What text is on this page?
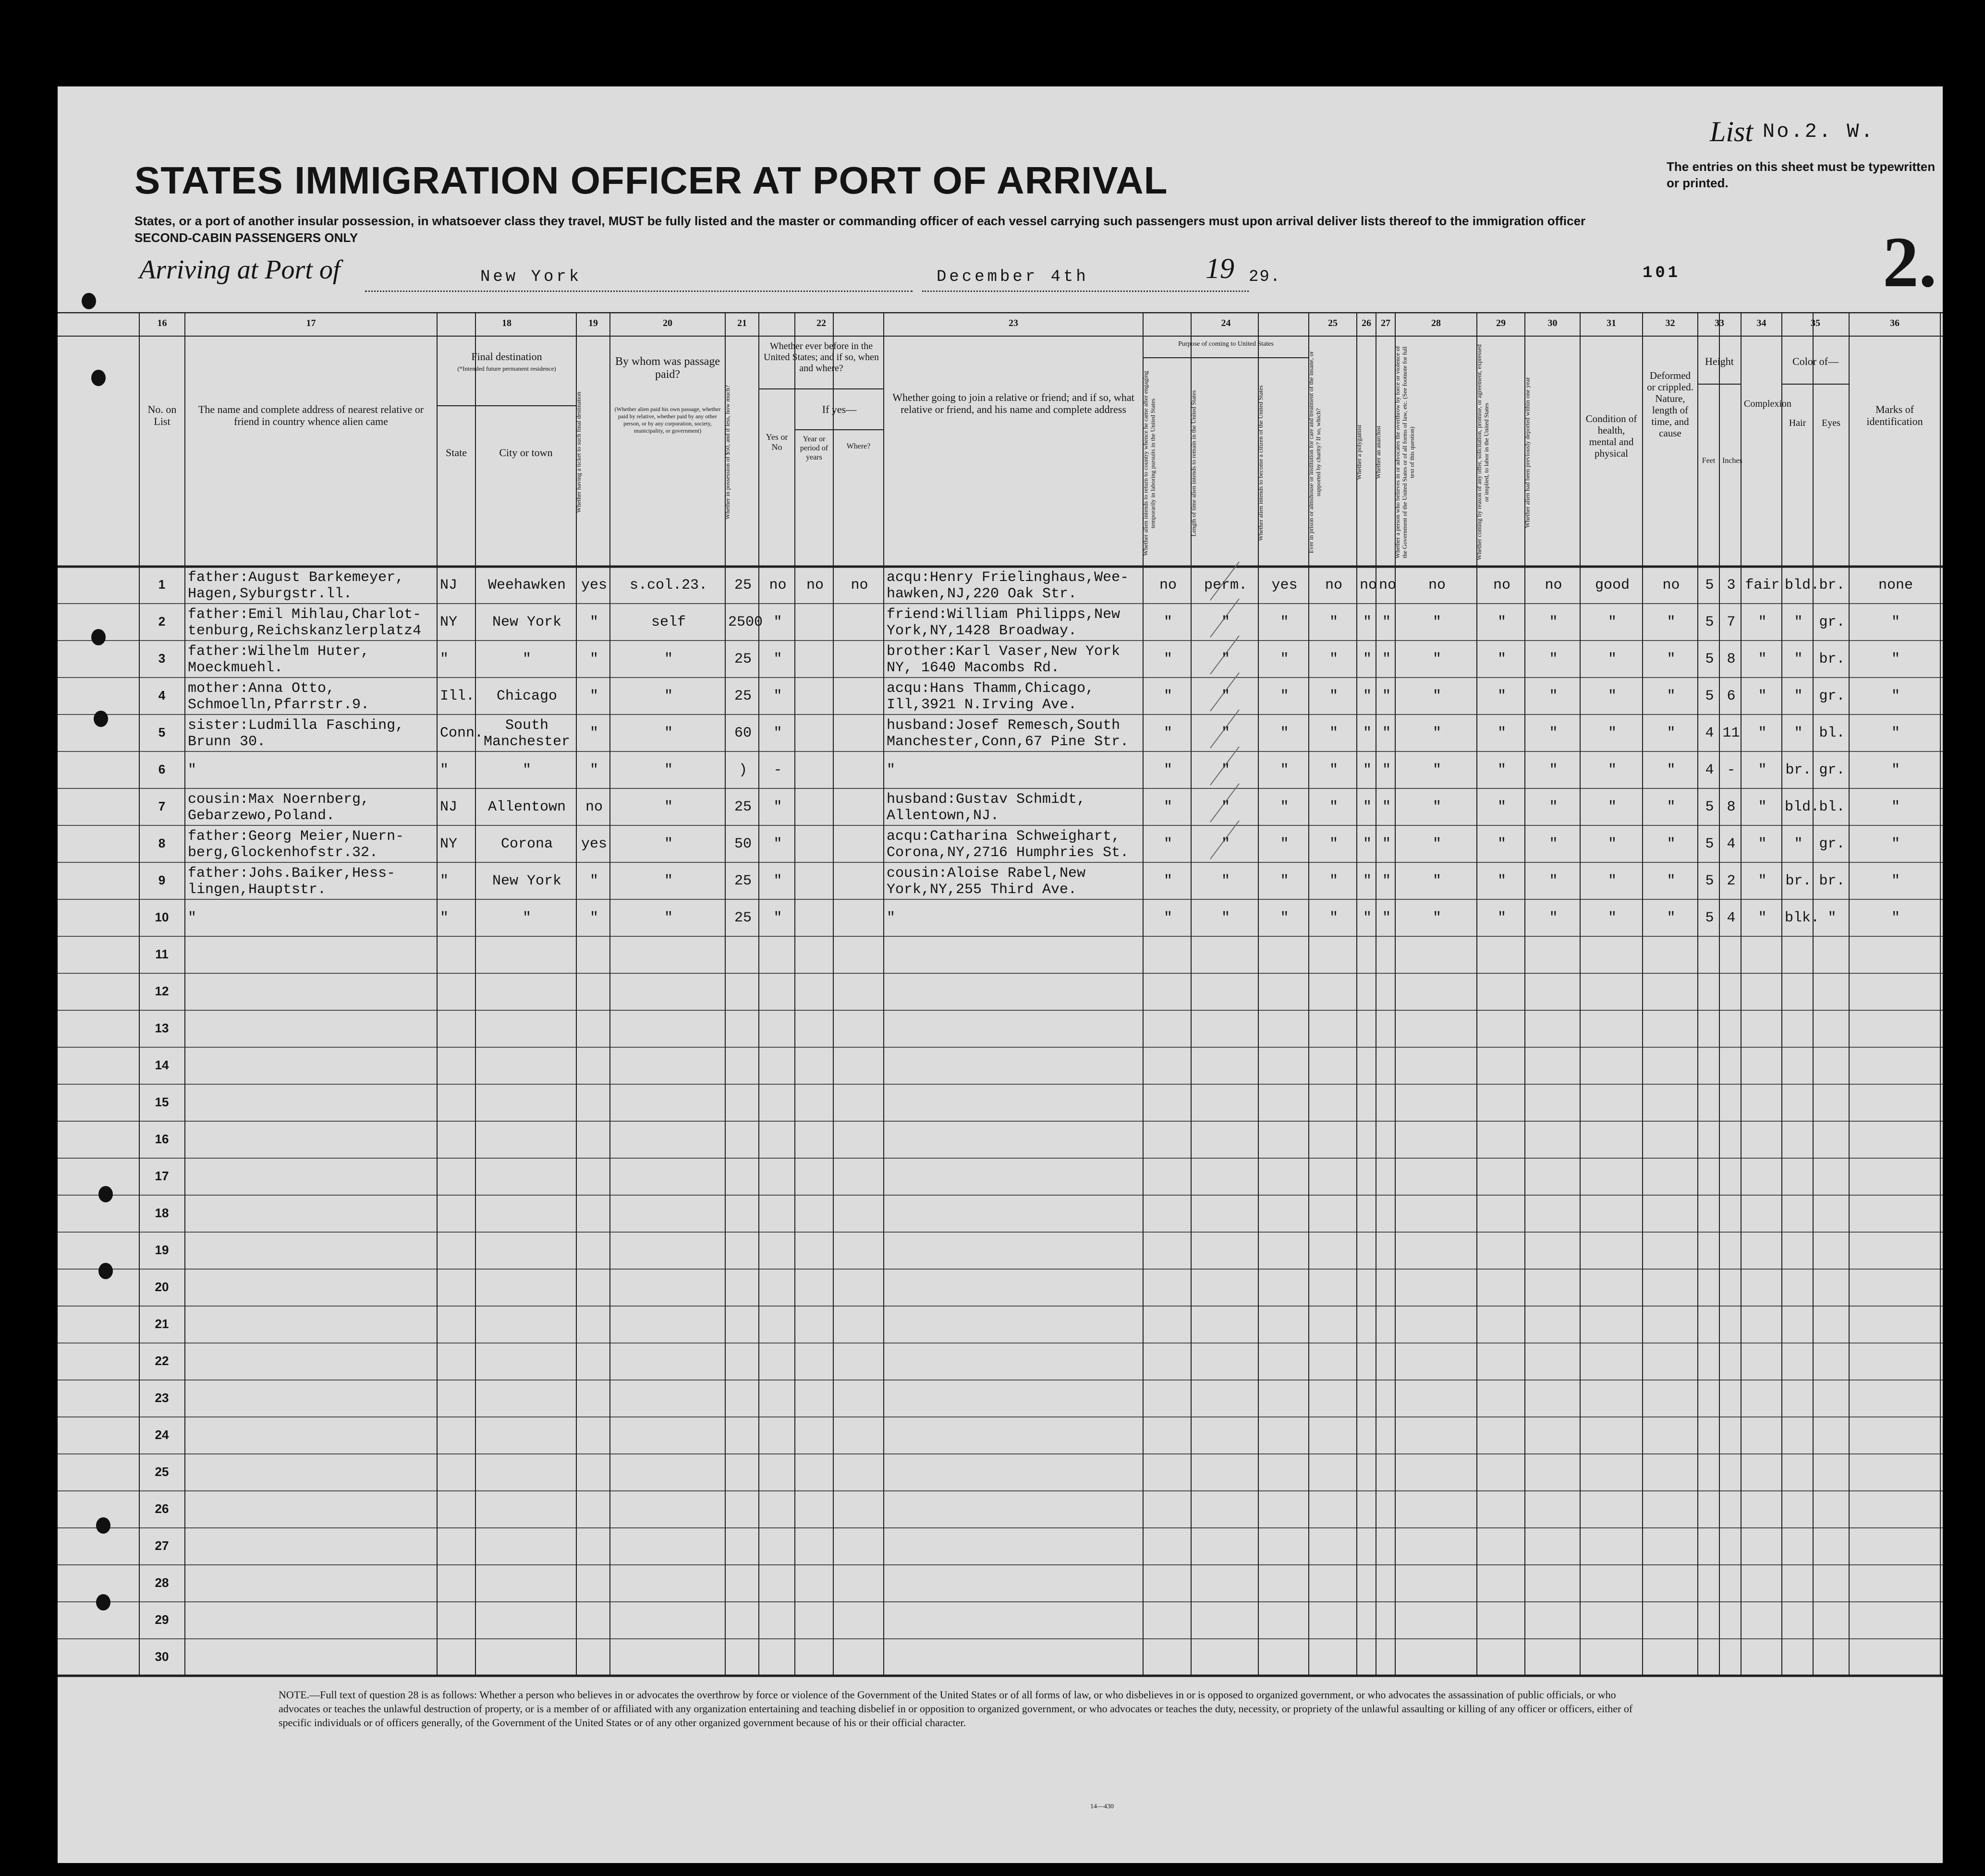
List No.2. W.
The entries on this sheet must be typewritten or printed.
STATES IMMIGRATION OFFICER AT PORT OF ARRIVAL
States, or a port of another insular possession, in whatsoever class they travel, MUST be fully listed and the master or commanding officer of each vessel carrying such passengers must upon arrival deliver lists thereof to the immigration officer
SECOND-CABIN PASSENGERS ONLY
Arriving at Port of	New York	December 4th	19 29.	101	2.
16	17	18	19	20	21	22	23	24	25	26	27	28	29	30	31	32	33	34	35	36
No. on List
The name and complete address of nearest relative or friend in country whence alien came
Final destination
(*Intended future permanent residence)
State	City or town	Whether having a ticket to such final destination
By whom was passage paid?
(Whether alien paid his own passage, whether paid by relative, whether paid by any other person, or by any corporation, society, municipality, or government)	Whether in possession of $50, and if less, how much?
Whether ever before in the United States; and if so, when and where?
Yes or No
If yes—
Year or period of years
Where?
Whether going to join a relative or friend; and if so, what relative or friend, and his name and complete address
Purpose of coming to United States
Whether alien intends to return to country whence he came after engaging temporarily in laboring pursuits in the United States	Length of time alien intends to remain in the United States	Whether alien intends to become a citizen of the United States	Ever in prison or almshouse or institution for care and treatment of the insane, or supported by charity? If so, which?	Whether a polygamist	Whether an anarchist	Whether a person who believes in or advocates the overthrow by force or violence of the Government of the United States or of all forms of law, etc. (See footnote for full text of this question)	Whether coming by reason of any offer, solicitation, promise, or agreement, expressed or implied, to labor in the United States	Whether alien had been previously deported within one year	Condition of health, mental and physical
Deformed or crippled. Nature, length of time, and cause
Height
Feet Inches
Complexion
Color of—
Hair	Eyes
Marks of identification
1
2
3
4
5
6
7
8
9
10
11
12
13
14
15
16
17
18
19
20
21
22
23
24
25
26
27
28
29
30
father:August Barkemeyer,
Hagen,Syburgstr.ll.
NJ	Weehawken	yes	s.col.23.	25	no	no	no	acqu:Henry Frielinghaus,Wee-
hawken,NJ,220 Oak Str.
no	perm.	yes	no	no no	no	no	no	good	no	5 3 fair bld. br.	none
father:Emil Mihlau,Charlot-
tenburg,Reichskanzlerplatz4
NY	New York	"	self	2500 "	friend:William Philipps,New
York,NY,1428 Broadway.
"	"	"	"	" "	"	"	"	"	"	5 7	"	"	gr.	"
father:Wilhelm Huter,
Moeckmuehl.
"	"	"	"	25	"	brother:Karl Vaser,New York
NY, 1640 Macombs Rd.
"	"	"	"	" "	"	"	"	"	"	5 8	"	"	br.	"
mother:Anna Otto,
Schmoelln,Pfarrstr.9.
Ill.	Chicago	"	"	25	"	acqu:Hans Thamm,Chicago,
Ill,3921 N.Irving Ave.
"	"	"	"	" "	"	"	"	"	"	5 6	"	"	gr.	"
sister:Ludmilla Fasching,
Brunn 30.
Conn.	South
Manchester
"	"	60	"	husband:Josef Remesch,South
Manchester,Conn,67 Pine Str.
"	"	"	"	" "	"	"	"	"	"	4 11	"	"	bl.	"
"	"	"	"	"	)	-	"	"	"	"	"	" "	"	"	"	"	"	4 -	"	br. gr.	"
cousin:Max Noernberg,
Gebarzewo,Poland.
NJ	Allentown	no	"	25	"	husband:Gustav Schmidt,
Allentown,NJ.
"	"	"	"	" "	"	"	"	"	"	5 8	"	bld. bl.	"
father:Georg Meier,Nuern-
berg,Glockenhofstr.32.
NY	Corona	yes	"	50	"	acqu:Catharina Schweighart,
Corona,NY,2716 Humphries St.
"	"	"	"	" "	"	"	"	"	"	5 4	"	"	gr.	"
father:Johs.Baiker,Hess-
lingen,Hauptstr.
"	New York	"	"	25	"	cousin:Aloise Rabel,New
York,NY,255 Third Ave.
"	"	"	"	" "	"	"	"	"	"	5 2	"	br. br.	"
"	"	"	"	"	25	"	"	"	"	"	"	" "	"	"	"	"	"	5 4	"	blk. "	"
NOTE.—Full text of question 28 is as follows: Whether a person who believes in or advocates the overthrow by force or violence of the Government of the United States or of all forms of law, or who disbelieves in or is opposed to organized government, or who advocates the assassination of public officials, or who advocates or teaches the unlawful destruction of property, or is a member of or affiliated with any organization entertaining and teaching disbelief in or opposition to organized government, or who advocates or teaches the duty, necessity, or propriety of the unlawful assaulting or killing of any officer or officers, either of specific individuals or of officers generally, of the Government of the United States or of any other organized government because of his or their official character.
14—430
